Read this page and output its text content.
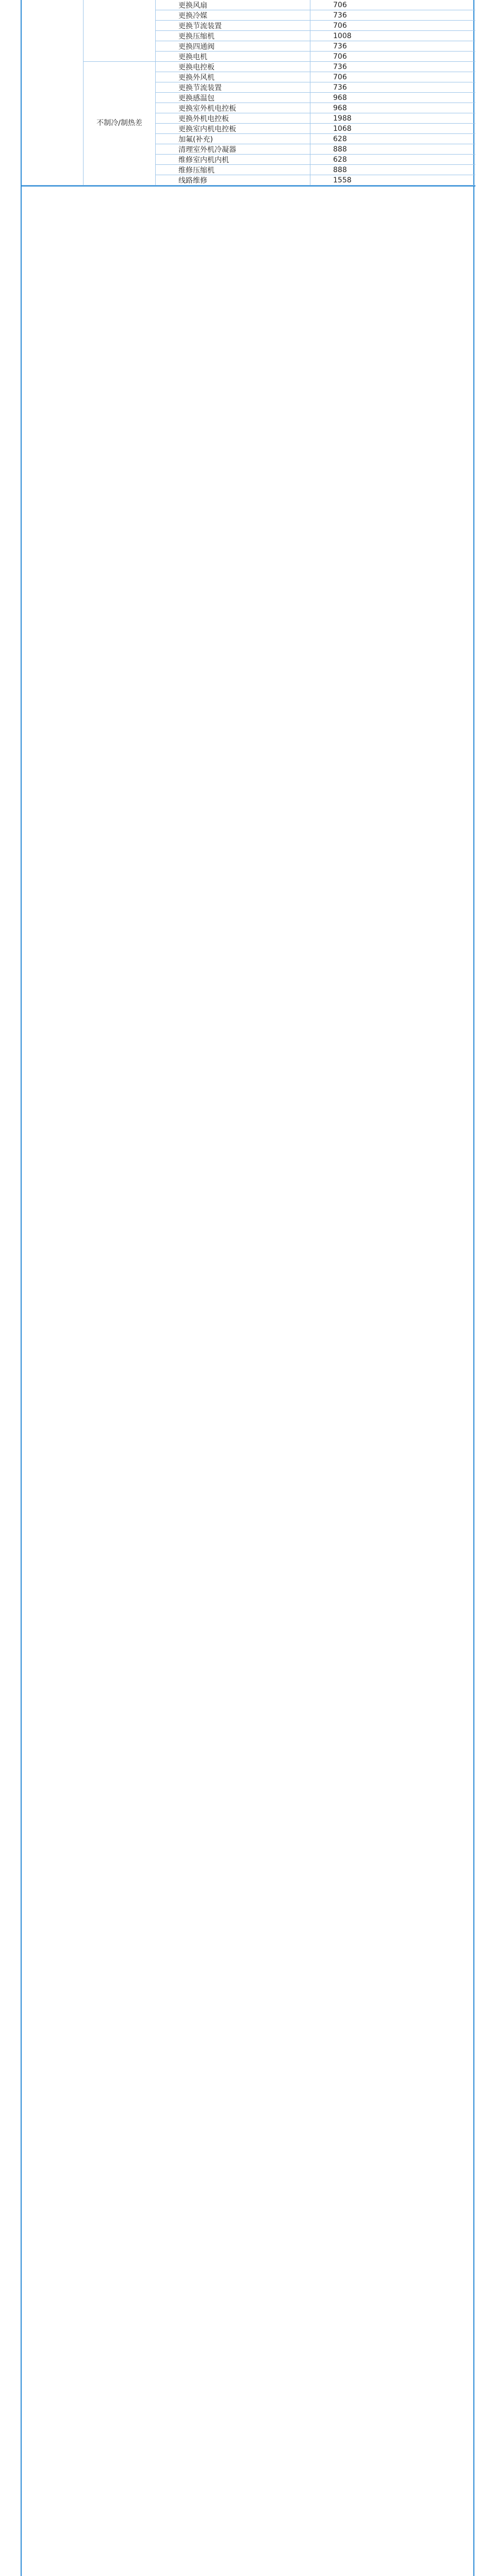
更换风扇	706
更换冷媒	736
更换节流装置	706
更换压缩机	1008
更换四通阀	736
更换电机	706
不制冷/制热差
更换电控板	736
更换外风机	706
更换节流装置	736
更换感温包	968
更换室外机电控板	968
更换外机电控板	1988
更换室内机电控板	1068
加氟(补充)	628
清理室外机冷凝器	888
维修室内机内机	628
维修压缩机	888
线路维修	1558
